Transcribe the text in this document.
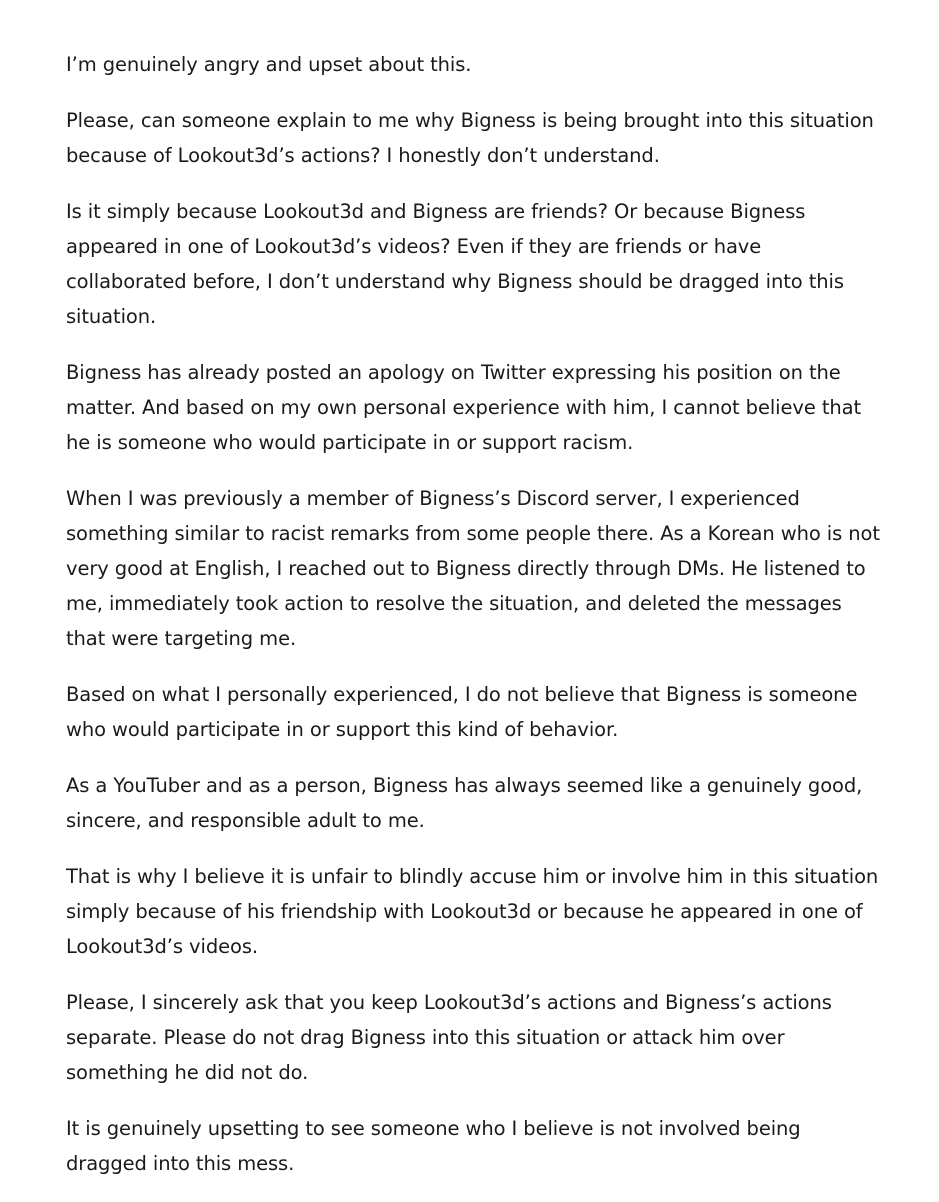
I’m genuinely angry and upset about this.

Please, can someone explain to me why Bigness is being brought into this situation because of Lookout3d’s actions? I honestly don’t understand.

Is it simply because Lookout3d and Bigness are friends? Or because Bigness appeared in one of Lookout3d’s videos? Even if they are friends or have collaborated before, I don’t understand why Bigness should be dragged into this situation.

Bigness has already posted an apology on Twitter expressing his position on the matter. And based on my own personal experience with him, I cannot believe that he is someone who would participate in or support racism.

When I was previously a member of Bigness’s Discord server, I experienced something similar to racist remarks from some people there. As a Korean who is not very good at English, I reached out to Bigness directly through DMs. He listened to me, immediately took action to resolve the situation, and deleted the messages that were targeting me.

Based on what I personally experienced, I do not believe that Bigness is someone who would participate in or support this kind of behavior.

As a YouTuber and as a person, Bigness has always seemed like a genuinely good, sincere, and responsible adult to me.

That is why I believe it is unfair to blindly accuse him or involve him in this situation simply because of his friendship with Lookout3d or because he appeared in one of Lookout3d’s videos.

Please, I sincerely ask that you keep Lookout3d’s actions and Bigness’s actions separate. Please do not drag Bigness into this situation or attack him over something he did not do.

It is genuinely upsetting to see someone who I believe is not involved being dragged into this mess.
